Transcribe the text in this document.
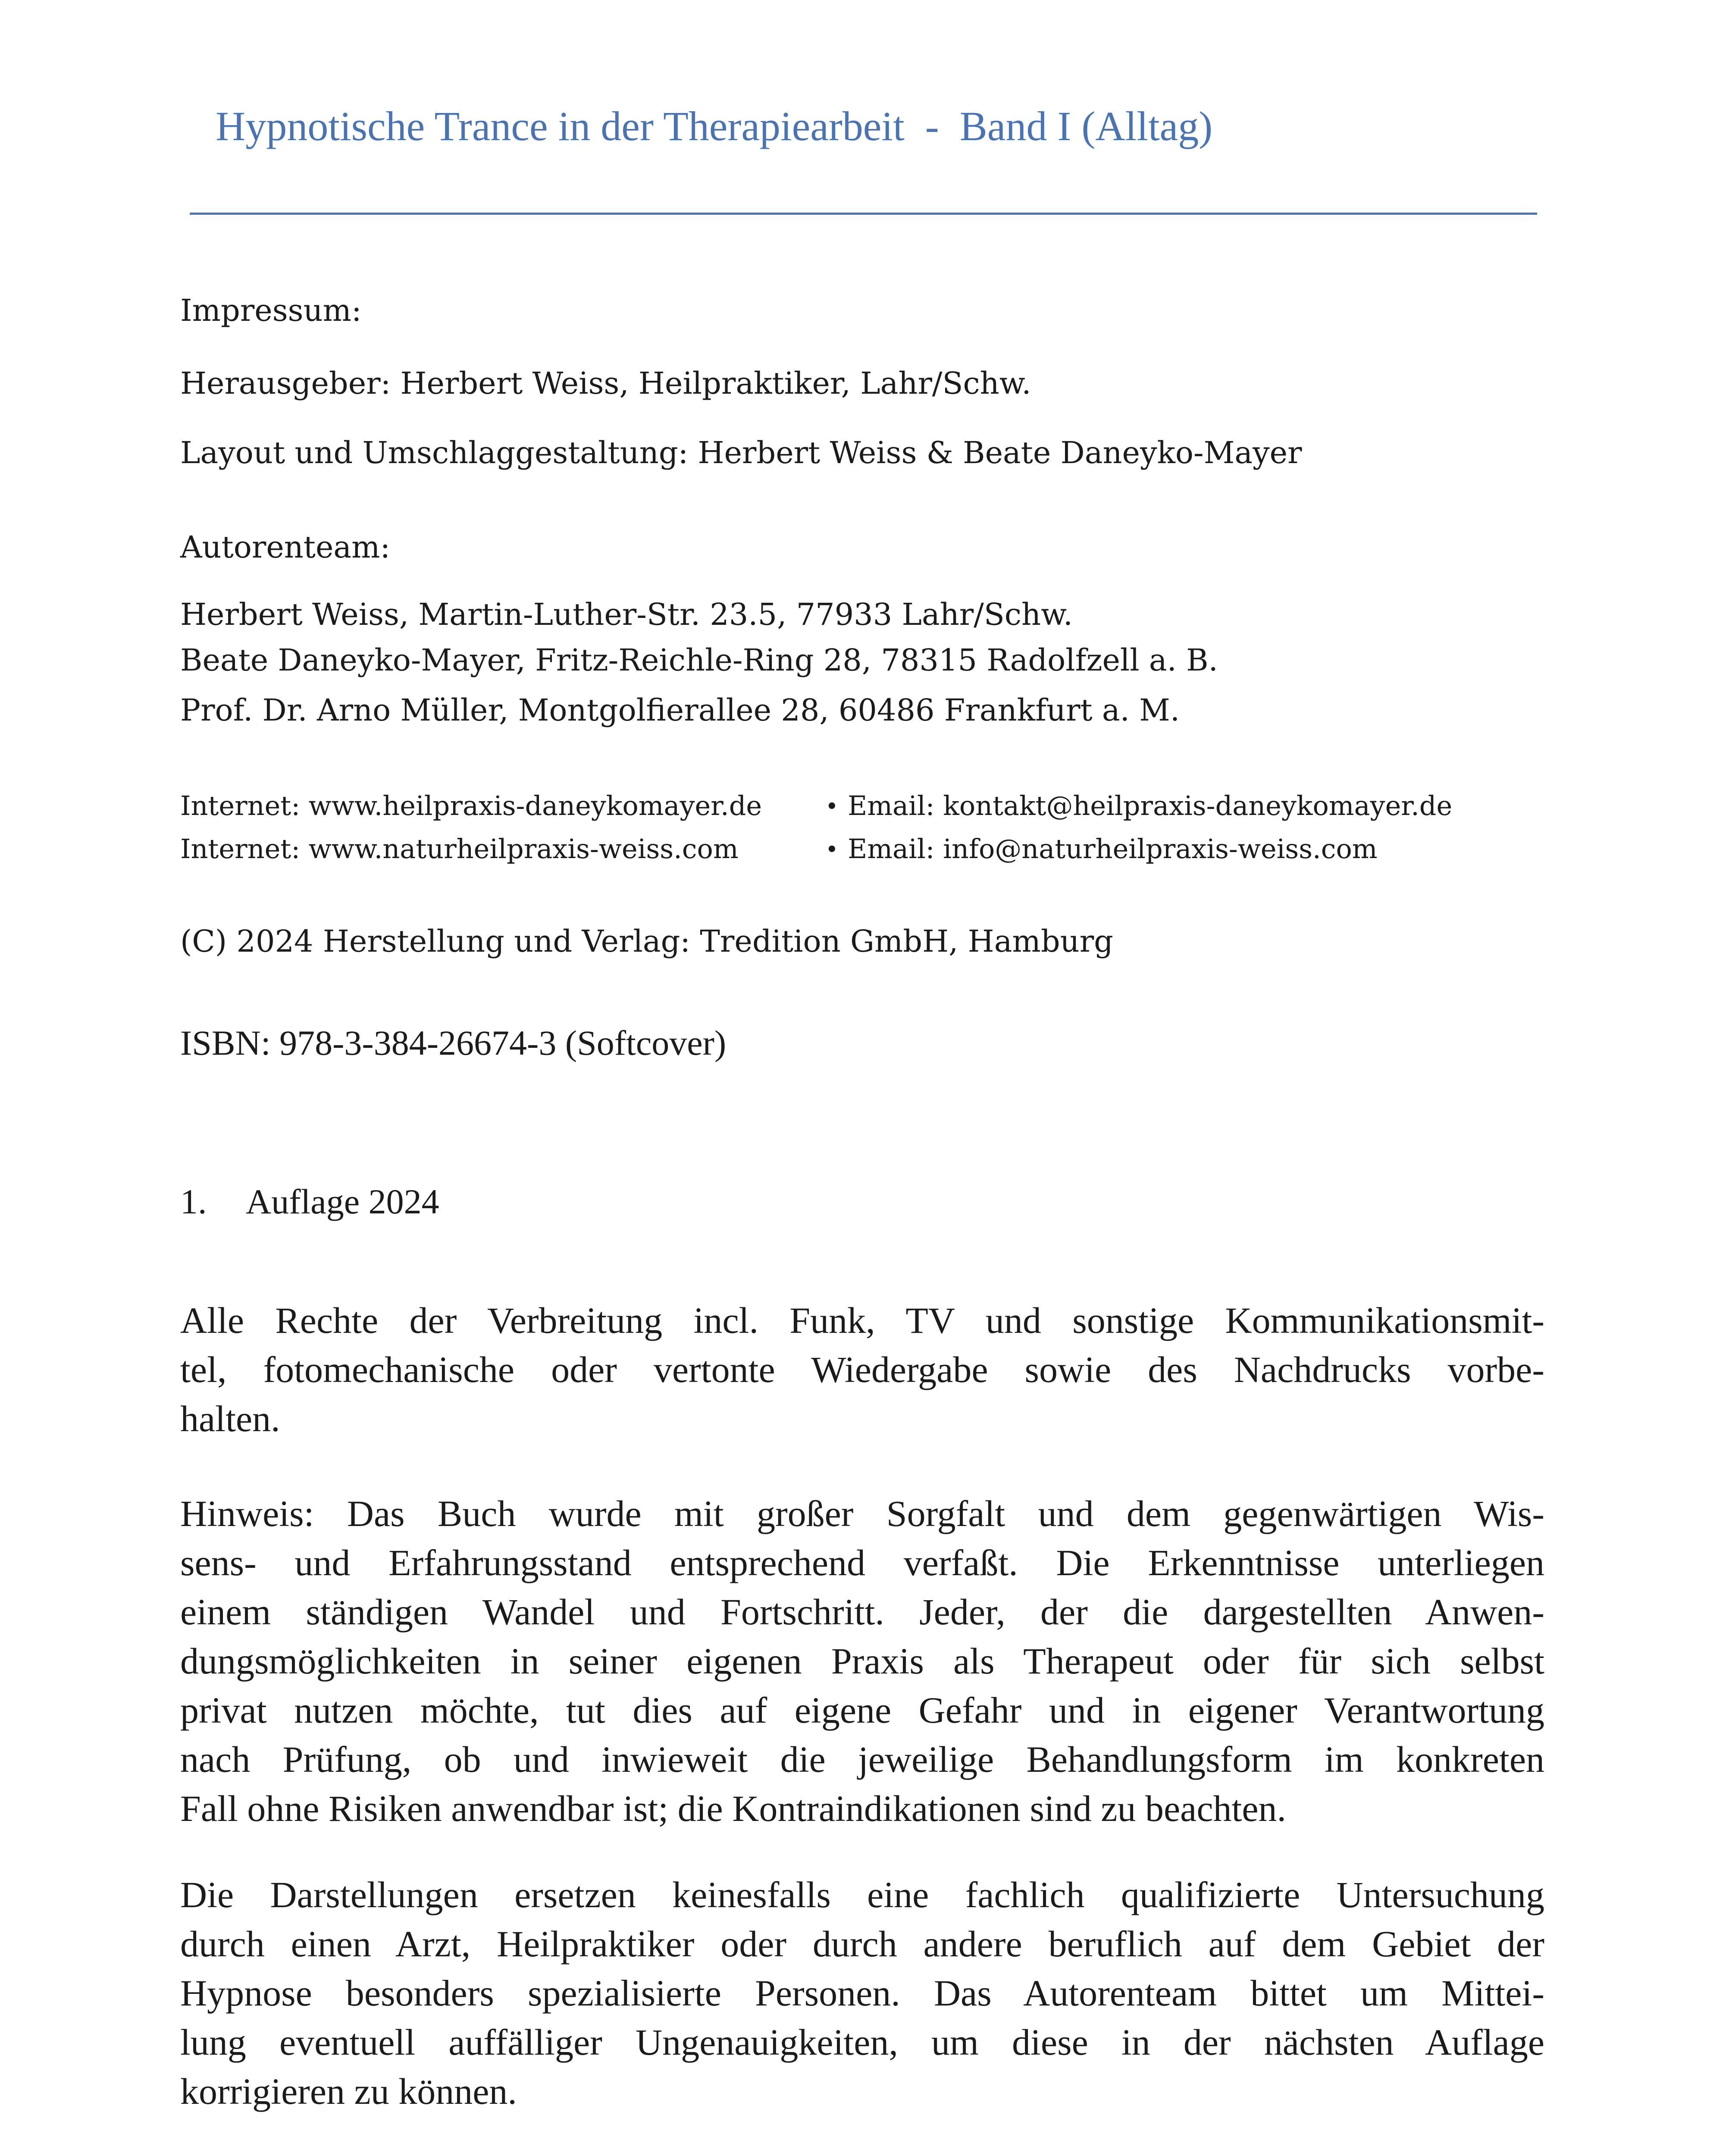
Hypnotische Trance in der Therapiearbeit  -  Band I (Alltag)
Impressum:
Herausgeber: Herbert Weiss, Heilpraktiker, Lahr/Schw.
Layout und Umschlaggestaltung: Herbert Weiss & Beate Daneyko-Mayer
Autorenteam:
Herbert Weiss, Martin-Luther-Str. 23.5, 77933 Lahr/Schw.
Beate Daneyko-Mayer, Fritz-Reichle-Ring 28, 78315 Radolfzell a. B.
Prof. Dr. Arno Müller, Montgolfierallee 28, 60486 Frankfurt a. M.
Internet: www.heilpraxis-daneykomayer.de	• Email: kontakt@heilpraxis-daneykomayer.de
Internet: www.naturheilpraxis-weiss.com	• Email: info@naturheilpraxis-weiss.com
(C) 2024 Herstellung und Verlag: Tredition GmbH, Hamburg
ISBN: 978-3-384-26674-3 (Softcover)
1. Auflage 2024
Alle Rechte der Verbreitung incl. Funk, TV und sonstige Kommunikationsmit-
tel, fotomechanische oder vertonte Wiedergabe sowie des Nachdrucks vorbe-
halten.
Hinweis: Das Buch wurde mit großer Sorgfalt und dem gegenwärtigen Wis-
sens- und Erfahrungsstand entsprechend verfaßt. Die Erkenntnisse unterliegen
einem ständigen Wandel und Fortschritt. Jeder, der die dargestellten Anwen-
dungsmöglichkeiten in seiner eigenen Praxis als Therapeut oder für sich selbst
privat nutzen möchte, tut dies auf eigene Gefahr und in eigener Verantwortung
nach Prüfung, ob und inwieweit die jeweilige Behandlungsform im konkreten
Fall ohne Risiken anwendbar ist; die Kontraindikationen sind zu beachten.
Die Darstellungen ersetzen keinesfalls eine fachlich qualifizierte Untersuchung
durch einen Arzt, Heilpraktiker oder durch andere beruflich auf dem Gebiet der
Hypnose besonders spezialisierte Personen. Das Autorenteam bittet um Mittei-
lung eventuell auffälliger Ungenauigkeiten, um diese in der nächsten Auflage
korrigieren zu können.
